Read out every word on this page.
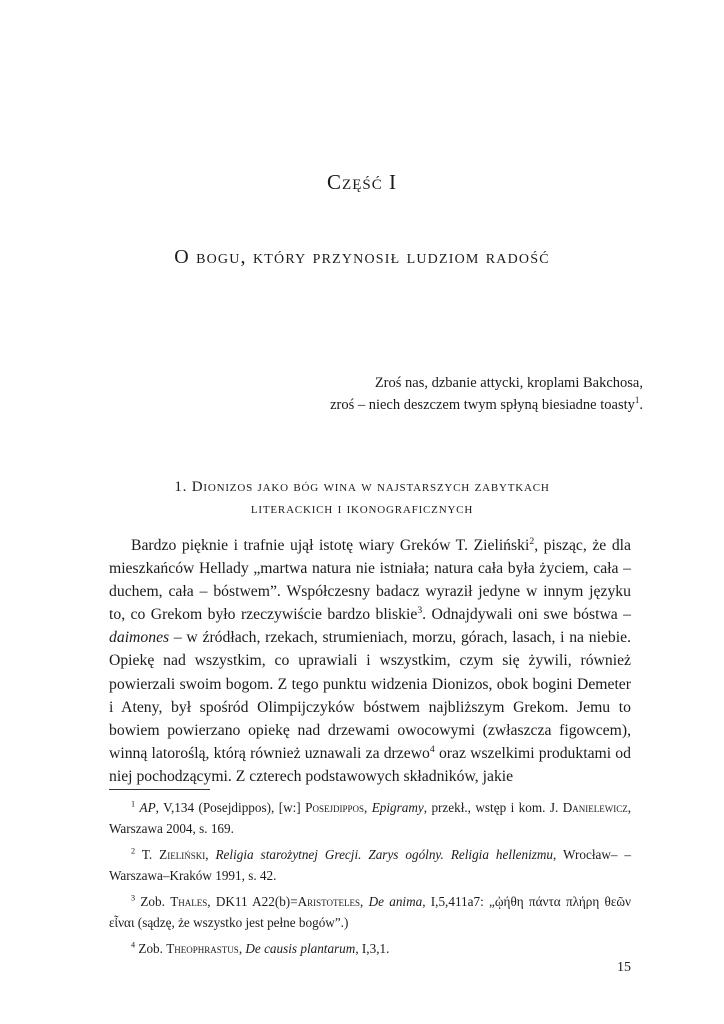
Część I
O bogu, który przynosił ludziom radość
Zroś nas, dzbanie attycki, kroplami Bakchosa,
zroś – niech deszczem twym spłyną biesiadne toasty$^1$.
1. Dionizos jako bóg wina w najstarszych zabytkach
literackich i ikonograficznych

Bardzo pięknie i trafnie ujął istotę wiary Greków T. Zieliński$^2$, pisząc, że dla mieszkańców Hellady „martwa natura nie istniała; natura cała była życiem, cała – duchem, cała – bóstwem”. Współczesny badacz wyraził jedyne w innym języku to, co Grekom było rzeczywiście bardzo bliskie$^3$. Odnajdywali oni swe bóstwa – daimones – w źródłach, rzekach, strumieniach, morzu, górach, lasach, i na niebie. Opiekę nad wszystkim, co uprawiali i wszystkim, czym się żywili, również powierzali swoim bogom. Z tego punktu widzenia Dionizos, obok bogini Demeter i Ateny, był spośród Olimpijczyków bóstwem najbliższym Grekom. Jemu to bowiem powierzano opiekę nad drzewami owocowymi (zwłaszcza figowcem), winną latoroślą, którą również uznawali za drzewo$^4$ oraz wszelkimi produktami od niej pochodzącymi. Z czterech podstawowych składników, jakie

$^1$ AP, V,134 (Posejdippos), [w:] Posejdippos, Epigramy, przekł., wstęp i kom. J. Danielewicz, Warszawa 2004, s. 169.

$^2$ T. Zieliński, Religia starożytnej Grecji. Zarys ogólny. Religia hellenizmu, Wrocław– –Warszawa–Kraków 1991, s. 42.

$^3$ Zob. Thales, DK11 A22(b)=Aristoteles, De anima, I,5,411a7: „ᾠήθη πάντα πλήρη θεῶν εἶναι (sądzę, że wszystko jest pełne bogów”.)

$^4$ Zob. Theophrastus, De causis plantarum, I,3,1.

15
